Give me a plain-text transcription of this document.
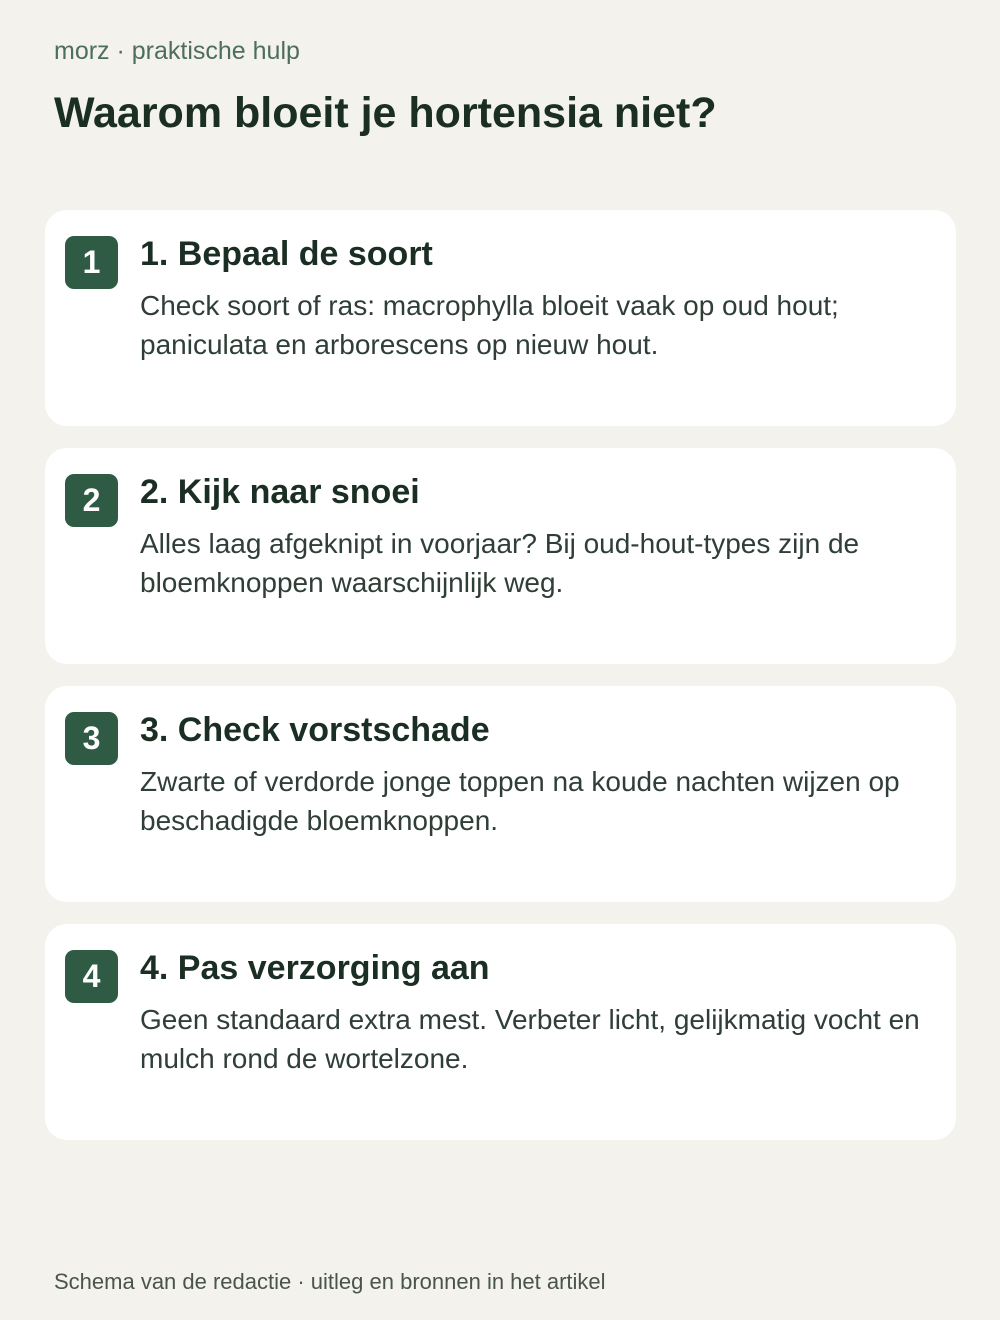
morz · praktische hulp
Waarom bloeit je hortensia niet?
1	1. Bepaal de soort

Check soort of ras: macrophylla bloeit vaak op oud hout; paniculata en arborescens op nieuw hout.

2	2. Kijk naar snoei

Alles laag afgeknipt in voorjaar? Bij oud-hout-types zijn de bloemknoppen waarschijnlijk weg.

3	3. Check vorstschade

Zwarte of verdorde jonge toppen na koude nachten wijzen op beschadigde bloemknoppen.

4	4. Pas verzorging aan

Geen standaard extra mest. Verbeter licht, gelijkmatig vocht en mulch rond de wortelzone.

Schema van de redactie · uitleg en bronnen in het artikel
